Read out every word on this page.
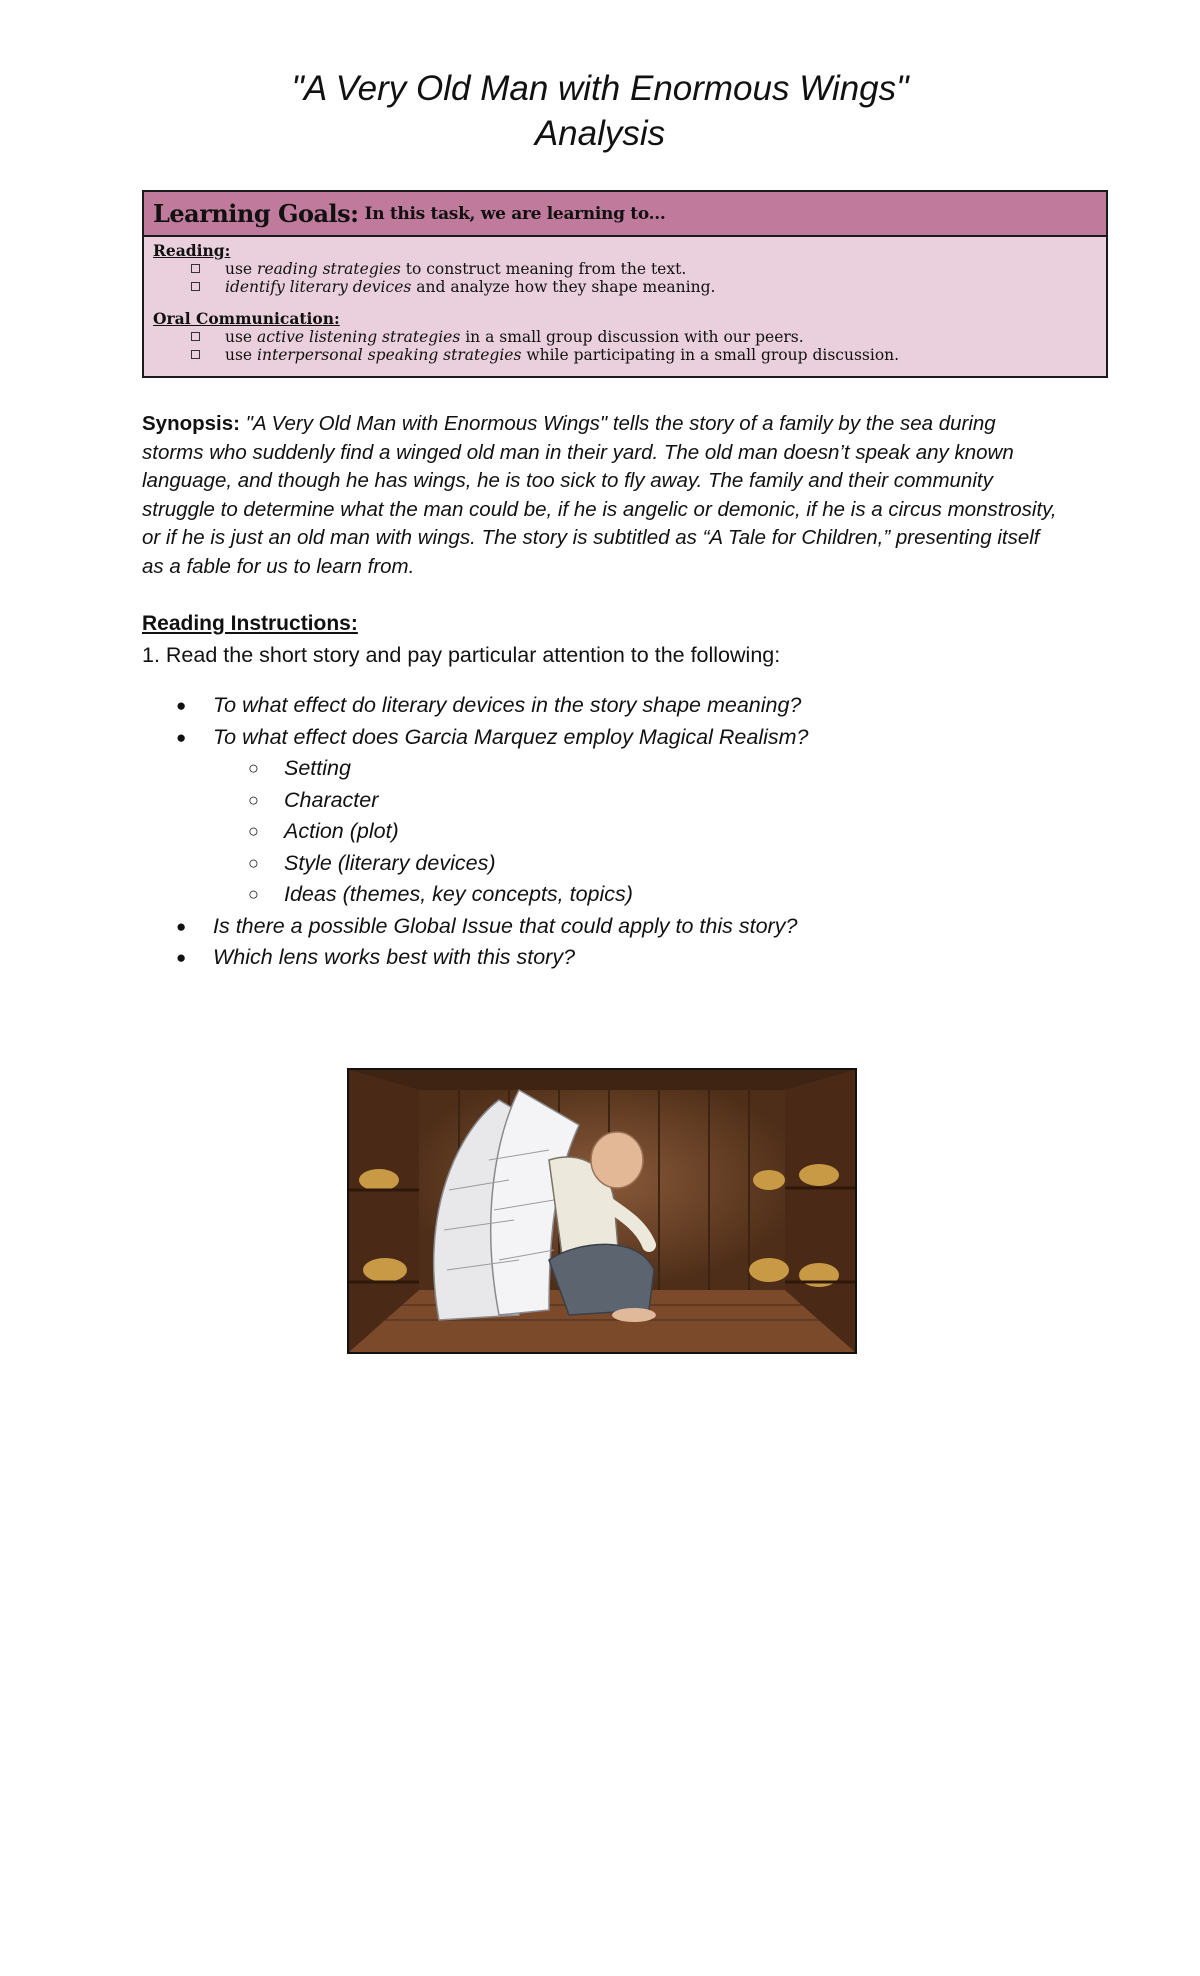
"A Very Old Man with Enormous Wings"
Analysis
Learning Goals: In this task, we are learning to...
Reading:
use reading strategies to construct meaning from the text.
identify literary devices and analyze how they shape meaning.
Oral Communication:
use active listening strategies in a small group discussion with our peers.
use interpersonal speaking strategies while participating in a small group discussion.
Synopsis: "A Very Old Man with Enormous Wings" tells the story of a family by the sea during storms who suddenly find a winged old man in their yard. The old man doesn’t speak any known language, and though he has wings, he is too sick to fly away. The family and their community struggle to determine what the man could be, if he is angelic or demonic, if he is a circus monstrosity, or if he is just an old man with wings. The story is subtitled as “A Tale for Children,” presenting itself as a fable for us to learn from.
Reading Instructions:
1. Read the short story and pay particular attention to the following:
● To what effect do literary devices in the story shape meaning?
● To what effect does Garcia Marquez employ Magical Realism?
○ Setting
○ Character
○ Action (plot)
○ Style (literary devices)
○ Ideas (themes, key concepts, topics)
● Is there a possible Global Issue that could apply to this story?
● Which lens works best with this story?
